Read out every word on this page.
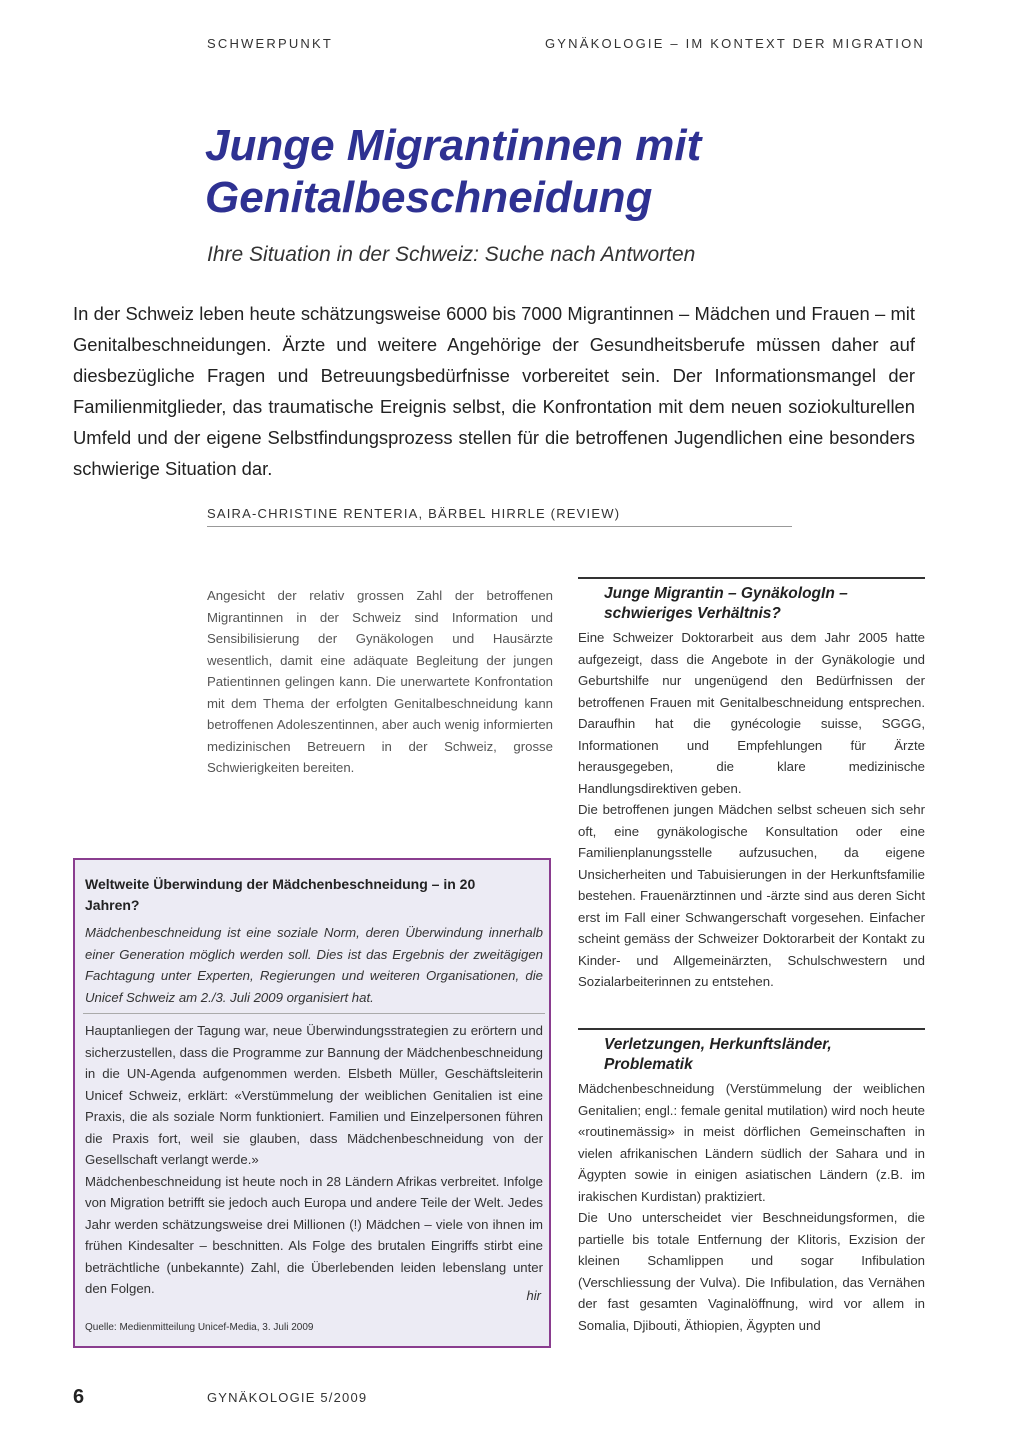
SCHWERPUNKT	GYNÄKOLOGIE – IM KONTEXT DER MIGRATION
Junge Migrantinnen mit
Genitalbeschneidung
Ihre Situation in der Schweiz: Suche nach Antworten
In der Schweiz leben heute schätzungsweise 6000 bis 7000 Migrantinnen – Mädchen und Frauen – mit Genitalbeschneidungen. Ärzte und weitere Angehörige der Gesundheitsberufe müssen daher auf diesbezügliche Fragen und Betreuungsbedürfnisse vorbereitet sein. Der Informationsmangel der Familienmitglieder, das traumatische Ereignis selbst, die Konfrontation mit dem neuen soziokulturellen Umfeld und der eigene Selbstfindungsprozess stellen für die betroffenen Jugendlichen eine besonders schwierige Situation dar.
SAIRA-CHRISTINE RENTERIA, BÄRBEL HIRRLE (REVIEW)
Angesicht der relativ grossen Zahl der betroffenen Migrantinnen in der Schweiz sind Information und Sensibilisierung der Gynäkologen und Hausärzte wesentlich, damit eine adäquate Begleitung der jungen Patientinnen gelingen kann. Die unerwartete Konfrontation mit dem Thema der erfolgten Genitalbeschneidung kann betroffenen Adoleszentinnen, aber auch wenig informierten medizinischen Betreuern in der Schweiz, grosse Schwierigkeiten bereiten.
Weltweite Überwindung der Mädchenbeschneidung – in 20 Jahren?
Mädchenbeschneidung ist eine soziale Norm, deren Überwindung innerhalb einer Generation möglich werden soll. Dies ist das Ergebnis der zweitägigen Fachtagung unter Experten, Regierungen und weiteren Organisationen, die Unicef Schweiz am 2./3. Juli 2009 organisiert hat.

Hauptanliegen der Tagung war, neue Überwindungsstrategien zu erörtern und sicherzustellen, dass die Programme zur Bannung der Mädchenbeschneidung in die UN-Agenda aufgenommen werden. Elsbeth Müller, Geschäftsleiterin Unicef Schweiz, erklärt: «Verstümmelung der weiblichen Genitalien ist eine Praxis, die als soziale Norm funktioniert. Familien und Einzelpersonen führen die Praxis fort, weil sie glauben, dass Mädchenbeschneidung von der Gesellschaft verlangt werde.»

Mädchenbeschneidung ist heute noch in 28 Ländern Afrikas verbreitet. Infolge von Migration betrifft sie jedoch auch Europa und andere Teile der Welt. Jedes Jahr werden schätzungsweise drei Millionen (!) Mädchen – viele von ihnen im frühen Kindesalter – beschnitten. Als Folge des brutalen Eingriffs stirbt eine beträchtliche (unbekannte) Zahl, die Überlebenden leiden lebenslang unter den Folgen.	hir
Quelle: Medienmitteilung Unicef-Media, 3. Juli 2009
Junge Migrantin – GynäkologIn –
schwieriges Verhältnis?

Eine Schweizer Doktorarbeit aus dem Jahr 2005 hatte aufgezeigt, dass die Angebote in der Gynäkologie und Geburtshilfe nur ungenügend den Bedürfnissen der betroffenen Frauen mit Genitalbeschneidung entsprechen. Daraufhin hat die gynécologie suisse, SGGG, Informationen und Empfehlungen für Ärzte herausgegeben, die klare medizinische Handlungsdirektiven geben.

Die betroffenen jungen Mädchen selbst scheuen sich sehr oft, eine gynäkologische Konsultation oder eine Familienplanungsstelle aufzusuchen, da eigene Unsicherheiten und Tabuisierungen in der Herkunftsfamilie bestehen. Frauenärztinnen und -ärzte sind aus deren Sicht erst im Fall einer Schwangerschaft vorgesehen. Einfacher scheint gemäss der Schweizer Doktorarbeit der Kontakt zu Kinder- und Allgemeinärzten, Schulschwestern und Sozialarbeiterinnen zu entstehen.

Verletzungen, Herkunftsländer,
Problematik

Mädchenbeschneidung (Verstümmelung der weiblichen Genitalien; engl.: female genital mutilation) wird noch heute «routinemässig» in meist dörflichen Gemeinschaften in vielen afrikanischen Ländern südlich der Sahara und in Ägypten sowie in einigen asiatischen Ländern (z.B. im irakischen Kurdistan) praktiziert.

Die Uno unterscheidet vier Beschneidungsformen, die partielle bis totale Entfernung der Klitoris, Exzision der kleinen Schamlippen und sogar Infibulation (Verschliessung der Vulva). Die Infibulation, das Vernähen der fast gesamten Vaginalöffnung, wird vor allem in Somalia, Djibouti, Äthiopien, Ägypten und

6	GYNÄKOLOGIE 5/2009
